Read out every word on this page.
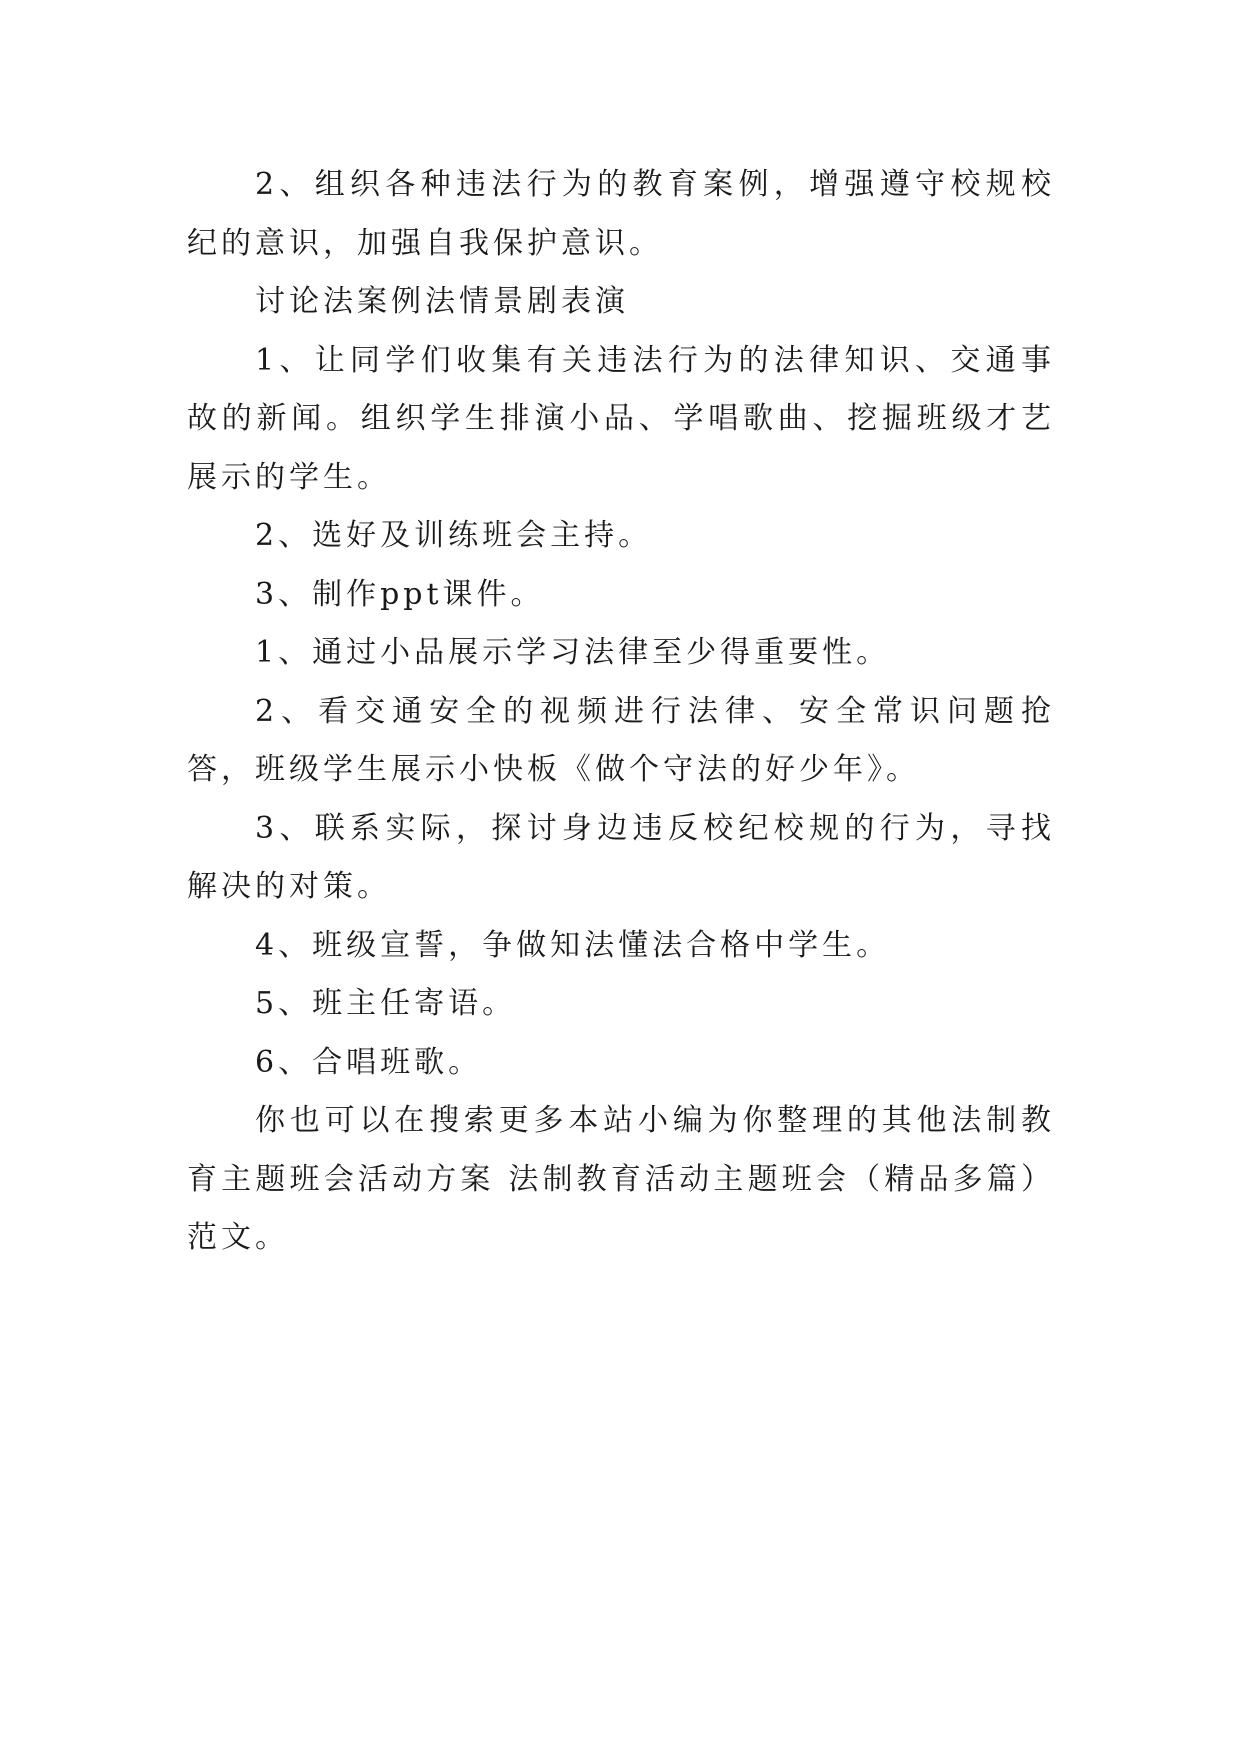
2、组织各种违法行为的教育案例，增强遵守校规校纪的意识，加强自我保护意识。

讨论法案例法情景剧表演

1、让同学们收集有关违法行为的法律知识、交通事故的新闻。组织学生排演小品、学唱歌曲、挖掘班级才艺展示的学生。

2、选好及训练班会主持。

3、制作ppt课件。

1、通过小品展示学习法律至少得重要性。

2、看交通安全的视频进行法律、安全常识问题抢答，班级学生展示小快板《做个守法的好少年》。

3、联系实际，探讨身边违反校纪校规的行为，寻找解决的对策。

4、班级宣誓，争做知法懂法合格中学生。

5、班主任寄语。

6、合唱班歌。

你也可以在搜索更多本站小编为你整理的其他法制教育主题班会活动方案 法制教育活动主题班会（精品多篇）范文。
